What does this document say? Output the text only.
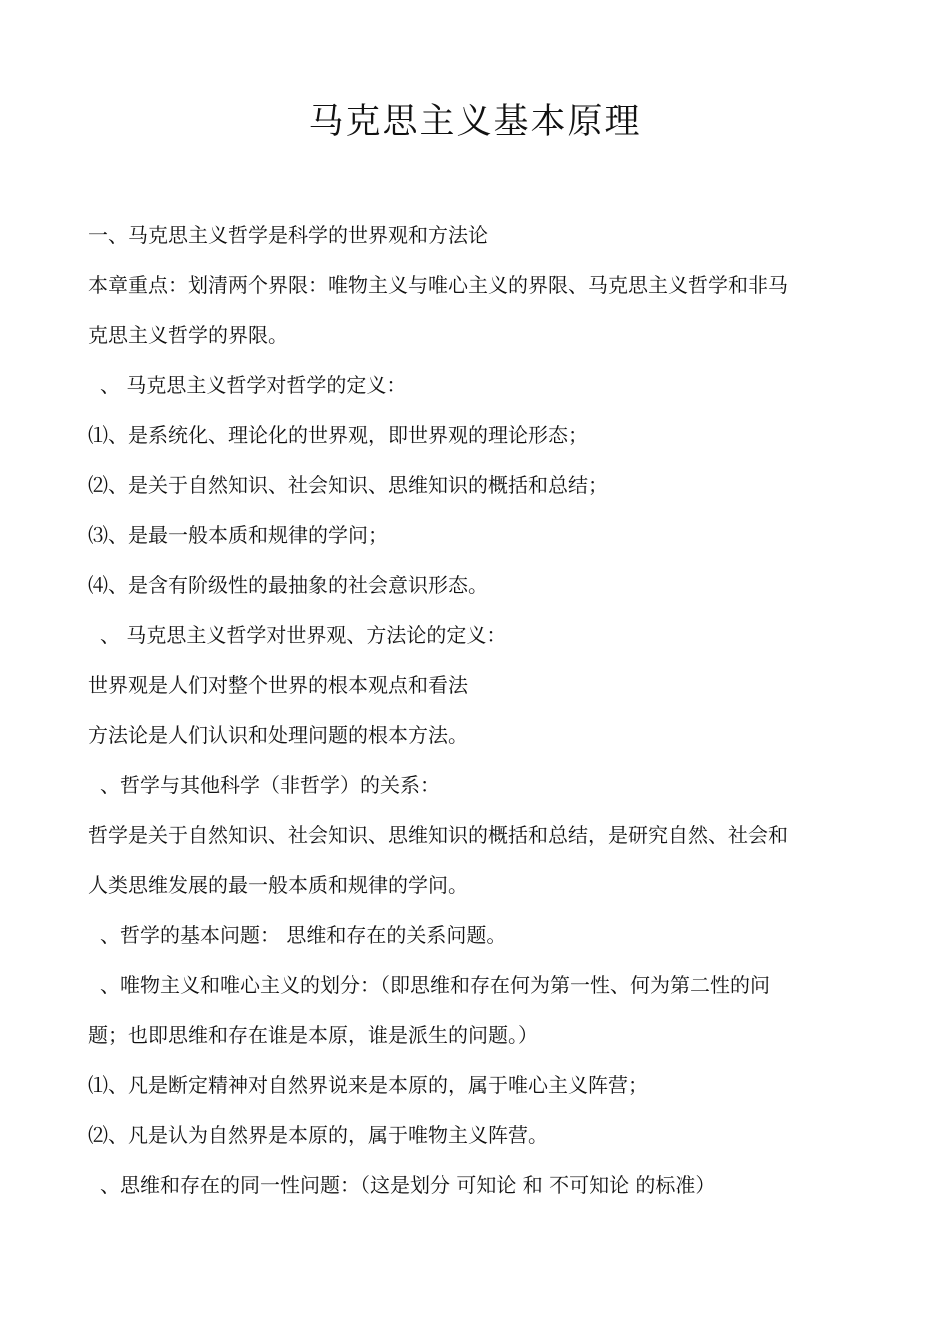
马克思主义基本原理

一、马克思主义哲学是科学的世界观和方法论

本章重点：划清两个界限：唯物主义与唯心主义的界限、马克思主义哲学和非马

克思主义哲学的界限。

、 马克思主义哲学对哲学的定义：

⑴、是系统化、理论化的世界观，即世界观的理论形态；

⑵、是关于自然知识、社会知识、思维知识的概括和总结；

⑶、是最一般本质和规律的学问；

⑷、是含有阶级性的最抽象的社会意识形态。

、 马克思主义哲学对世界观、方法论的定义：

世界观是人们对整个世界的根本观点和看法

方法论是人们认识和处理问题的根本方法。

、哲学与其他科学（非哲学）的关系：

哲学是关于自然知识、社会知识、思维知识的概括和总结，是研究自然、社会和

人类思维发展的最一般本质和规律的学问。

、哲学的基本问题： 思维和存在的关系问题。

、唯物主义和唯心主义的划分：（即思维和存在何为第一性、何为第二性的问

题；也即思维和存在谁是本原，谁是派生的问题。）

⑴、凡是断定精神对自然界说来是本原的，属于唯心主义阵营；

⑵、凡是认为自然界是本原的，属于唯物主义阵营。

、思维和存在的同一性问题：（这是划分 可知论 和 不可知论 的标准）
